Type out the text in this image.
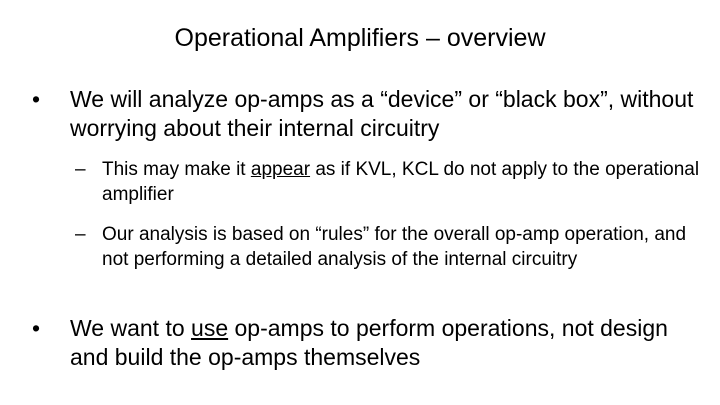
Operational Amplifiers – overview
• We will analyze op-amps as a “device” or “black box”, without worrying about their internal circuitry
– This may make it appear as if KVL, KCL do not apply to the operational amplifier
– Our analysis is based on “rules” for the overall op-amp operation, and not performing a detailed analysis of the internal circuitry
• We want to use op-amps to perform operations, not design and build the op-amps themselves
